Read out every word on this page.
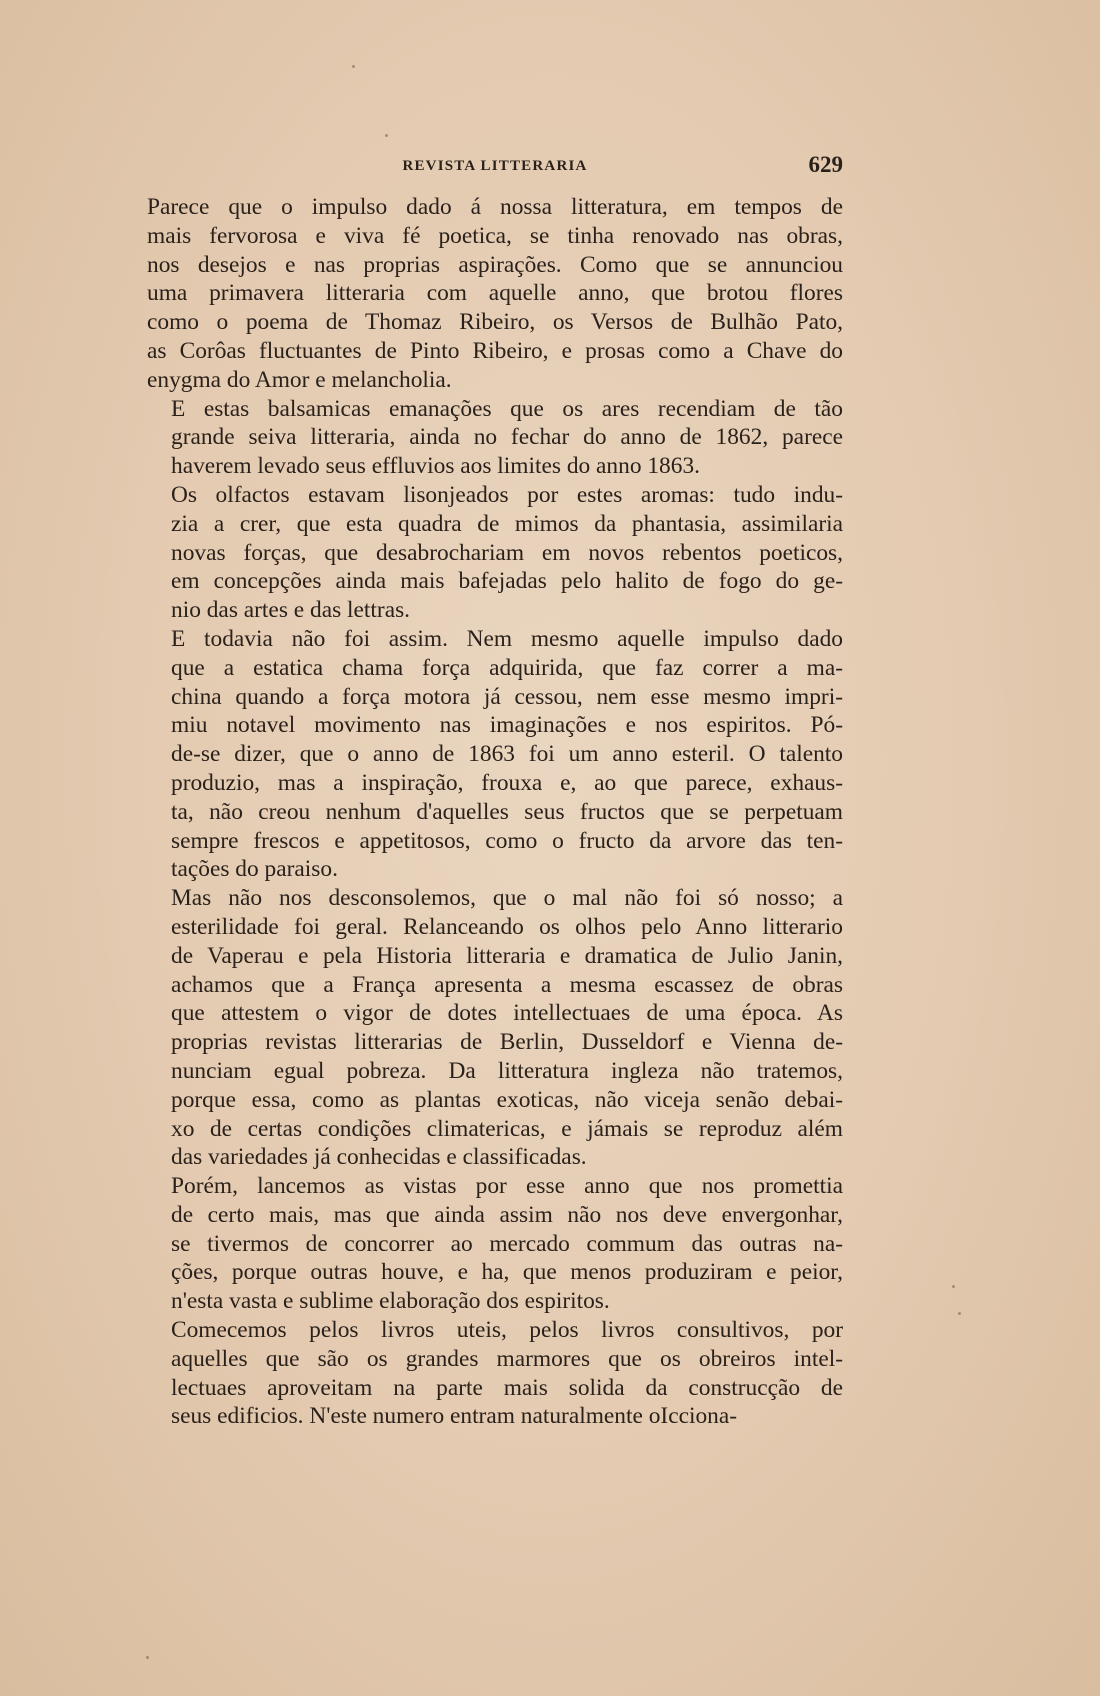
REVISTA LITTERARIA	629

Parece que o impulso dado á nossa litteratura, em tempos de
mais fervorosa e viva fé poetica, se tinha renovado nas obras,
nos desejos e nas proprias aspirações. Como que se annunciou
uma primavera litteraria com aquelle anno, que brotou flores
como o poema de Thomaz Ribeiro, os Versos de Bulhão Pato,
as Corôas fluctuantes de Pinto Ribeiro, e prosas como a Chave do
enygma do Amor e melancholia.

E estas balsamicas emanações que os ares recendiam de tão
grande seiva litteraria, ainda no fechar do anno de 1862, parece
haverem levado seus effluvios aos limites do anno 1863.

Os olfactos estavam lisonjeados por estes aromas: tudo indu-
zia a crer, que esta quadra de mimos da phantasia, assimilaria
novas forças, que desabrochariam em novos rebentos poeticos,
em concepções ainda mais bafejadas pelo halito de fogo do ge-
nio das artes e das lettras.

E todavia não foi assim. Nem mesmo aquelle impulso dado
que a estatica chama força adquirida, que faz correr a ma-
china quando a força motora já cessou, nem esse mesmo impri-
miu notavel movimento nas imaginações e nos espiritos. Pó-
de-se dizer, que o anno de 1863 foi um anno esteril. O talento
produzio, mas a inspiração, frouxa e, ao que parece, exhaus-
ta, não creou nenhum d'aquelles seus fructos que se perpetuam
sempre frescos e appetitosos, como o fructo da arvore das ten-
tações do paraiso.

Mas não nos desconsolemos, que o mal não foi só nosso; a
esterilidade foi geral. Relanceando os olhos pelo Anno litterario
de Vaperau e pela Historia litteraria e dramatica de Julio Janin,
achamos que a França apresenta a mesma escassez de obras
que attestem o vigor de dotes intellectuaes de uma época. As
proprias revistas litterarias de Berlin, Dusseldorf e Vienna de-
nunciam egual pobreza. Da litteratura ingleza não tratemos,
porque essa, como as plantas exoticas, não viceja senão debai-
xo de certas condições climatericas, e jámais se reproduz além
das variedades já conhecidas e classificadas.

Porém, lancemos as vistas por esse anno que nos promettia
de certo mais, mas que ainda assim não nos deve envergonhar,
se tivermos de concorrer ao mercado commum das outras na-
ções, porque outras houve, e ha, que menos produziram e peior,
n'esta vasta e sublime elaboração dos espiritos.

Comecemos pelos livros uteis, pelos livros consultivos, por
aquelles que são os grandes marmores que os obreiros intel-
lectuaes aproveitam na parte mais solida da construcção de
seus edificios. N'este numero entram naturalmente oIcciona-
